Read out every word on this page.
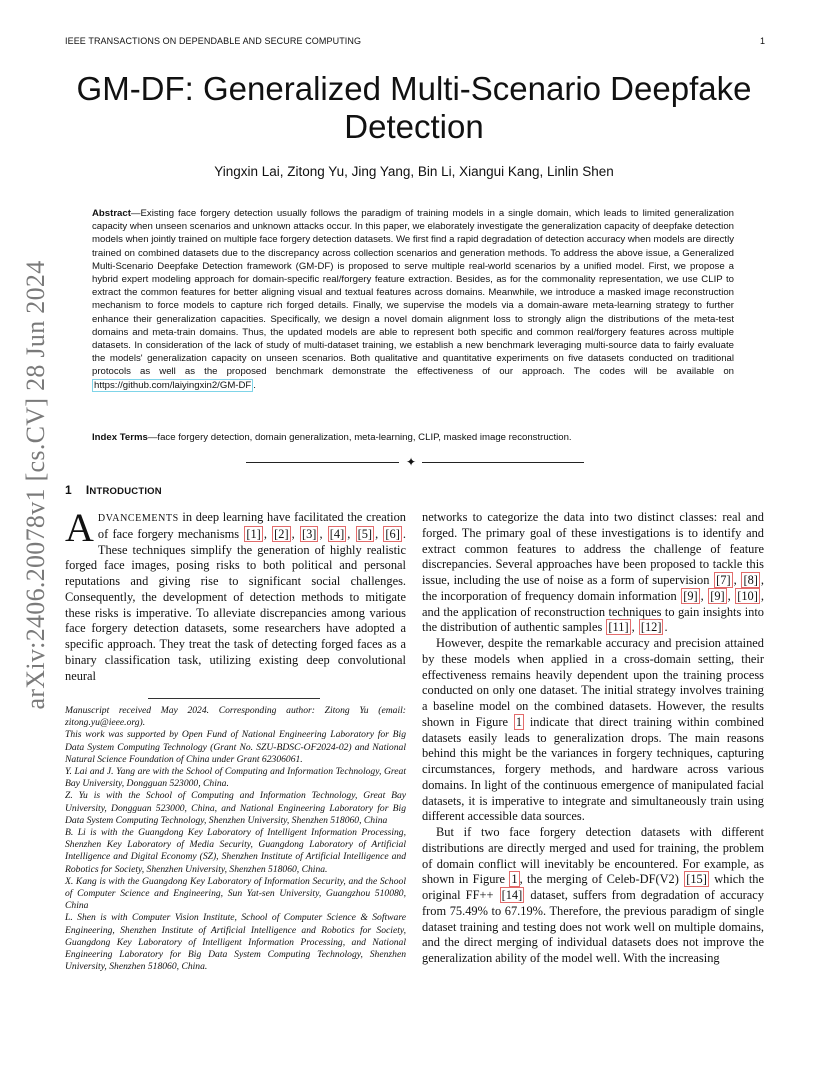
IEEE TRANSACTIONS ON DEPENDABLE AND SECURE COMPUTING	1
arXiv:2406.20078v1 [cs.CV] 28 Jun 2024
GM-DF: Generalized Multi-Scenario Deepfake Detection
Yingxin Lai, Zitong Yu, Jing Yang, Bin Li, Xiangui Kang, Linlin Shen
Abstract—Existing face forgery detection usually follows the paradigm of training models in a single domain, which leads to limited generalization capacity when unseen scenarios and unknown attacks occur. In this paper, we elaborately investigate the generalization capacity of deepfake detection models when jointly trained on multiple face forgery detection datasets. We first find a rapid degradation of detection accuracy when models are directly trained on combined datasets due to the discrepancy across collection scenarios and generation methods. To address the above issue, a Generalized Multi-Scenario Deepfake Detection framework (GM-DF) is proposed to serve multiple real-world scenarios by a unified model. First, we propose a hybrid expert modeling approach for domain-specific real/forgery feature extraction. Besides, as for the commonality representation, we use CLIP to extract the common features for better aligning visual and textual features across domains. Meanwhile, we introduce a masked image reconstruction mechanism to force models to capture rich forged details. Finally, we supervise the models via a domain-aware meta-learning strategy to further enhance their generalization capacities. Specifically, we design a novel domain alignment loss to strongly align the distributions of the meta-test domains and meta-train domains. Thus, the updated models are able to represent both specific and common real/forgery features across multiple datasets. In consideration of the lack of study of multi-dataset training, we establish a new benchmark leveraging multi-source data to fairly evaluate the models' generalization capacity on unseen scenarios. Both qualitative and quantitative experiments on five datasets conducted on traditional protocols as well as the proposed benchmark demonstrate the effectiveness of our approach. The codes will be available on https://github.com/laiyingxin2/GM-DF .
Index Terms—face forgery detection, domain generalization, meta-learning, CLIP, masked image reconstruction.
✦
1 INTRODUCTION

ADVANCEMENTS in deep learning have facilitated the creation of face forgery mechanisms [1] , [2] , [3] , [4] , [5] , [6] . These techniques simplify the generation of highly realistic forged face images, posing risks to both political and personal reputations and giving rise to significant social challenges. Consequently, the development of detection methods to mitigate these risks is imperative. To alleviate discrepancies among various face forgery detection datasets, some researchers have adopted a specific approach. They treat the task of detecting forged faces as a binary classification task, utilizing existing deep convolutional neural

Manuscript received May 2024. Corresponding author: Zitong Yu (email: zitong.yu@ieee.org).

This work was supported by Open Fund of National Engineering Laboratory for Big Data System Computing Technology (Grant No. SZU-BDSC-OF2024-02) and National Natural Science Foundation of China under Grant 62306061.

Y. Lai and J. Yang are with the School of Computing and Information Technology, Great Bay University, Dongguan 523000, China.

Z. Yu is with the School of Computing and Information Technology, Great Bay University, Dongguan 523000, China, and National Engineering Laboratory for Big Data System Computing Technology, Shenzhen University, Shenzhen 518060, China

B. Li is with the Guangdong Key Laboratory of Intelligent Information Processing, Shenzhen Key Laboratory of Media Security, Guangdong Laboratory of Artificial Intelligence and Digital Economy (SZ), Shenzhen Institute of Artificial Intelligence and Robotics for Society, Shenzhen University, Shenzhen 518060, China.

X. Kang is with the Guangdong Key Laboratory of Information Security, and the School of Computer Science and Engineering, Sun Yat-sen University, Guangzhou 510080, China

L. Shen is with Computer Vision Institute, School of Computer Science & Software Engineering, Shenzhen Institute of Artificial Intelligence and Robotics for Society, Guangdong Key Laboratory of Intelligent Information Processing, and National Engineering Laboratory for Big Data System Computing Technology, Shenzhen University, Shenzhen 518060, China.

networks to categorize the data into two distinct classes: real and forged. The primary goal of these investigations is to identify and extract common features to address the challenge of feature discrepancies. Several approaches have been proposed to tackle this issue, including the use of noise as a form of supervision [7] , [8] , the incorporation of frequency domain information [9] , [9] , [10] , and the application of reconstruction techniques to gain insights into the distribution of authentic samples [11] , [12] .

However, despite the remarkable accuracy and precision attained by these models when applied in a cross-domain setting, their effectiveness remains heavily dependent upon the training process conducted on only one dataset. The initial strategy involves training a baseline model on the combined datasets. However, the results shown in Figure 1 indicate that direct training within combined datasets easily leads to generalization drops. The main reasons behind this might be the variances in forgery techniques, capturing circumstances, forgery methods, and hardware across various domains. In light of the continuous emergence of manipulated facial datasets, it is imperative to integrate and simultaneously train using different accessible data sources.

But if two face forgery detection datasets with different distributions are directly merged and used for training, the problem of domain conflict will inevitably be encountered. For example, as shown in Figure 1 , the merging of Celeb-DF(V2) [15] which the original FF++ [14] dataset, suffers from degradation of accuracy from 75.49% to 67.19%. Therefore, the previous paradigm of single dataset training and testing does not work well on multiple domains, and the direct merging of individual datasets does not improve the generalization ability of the model well. With the increasing
